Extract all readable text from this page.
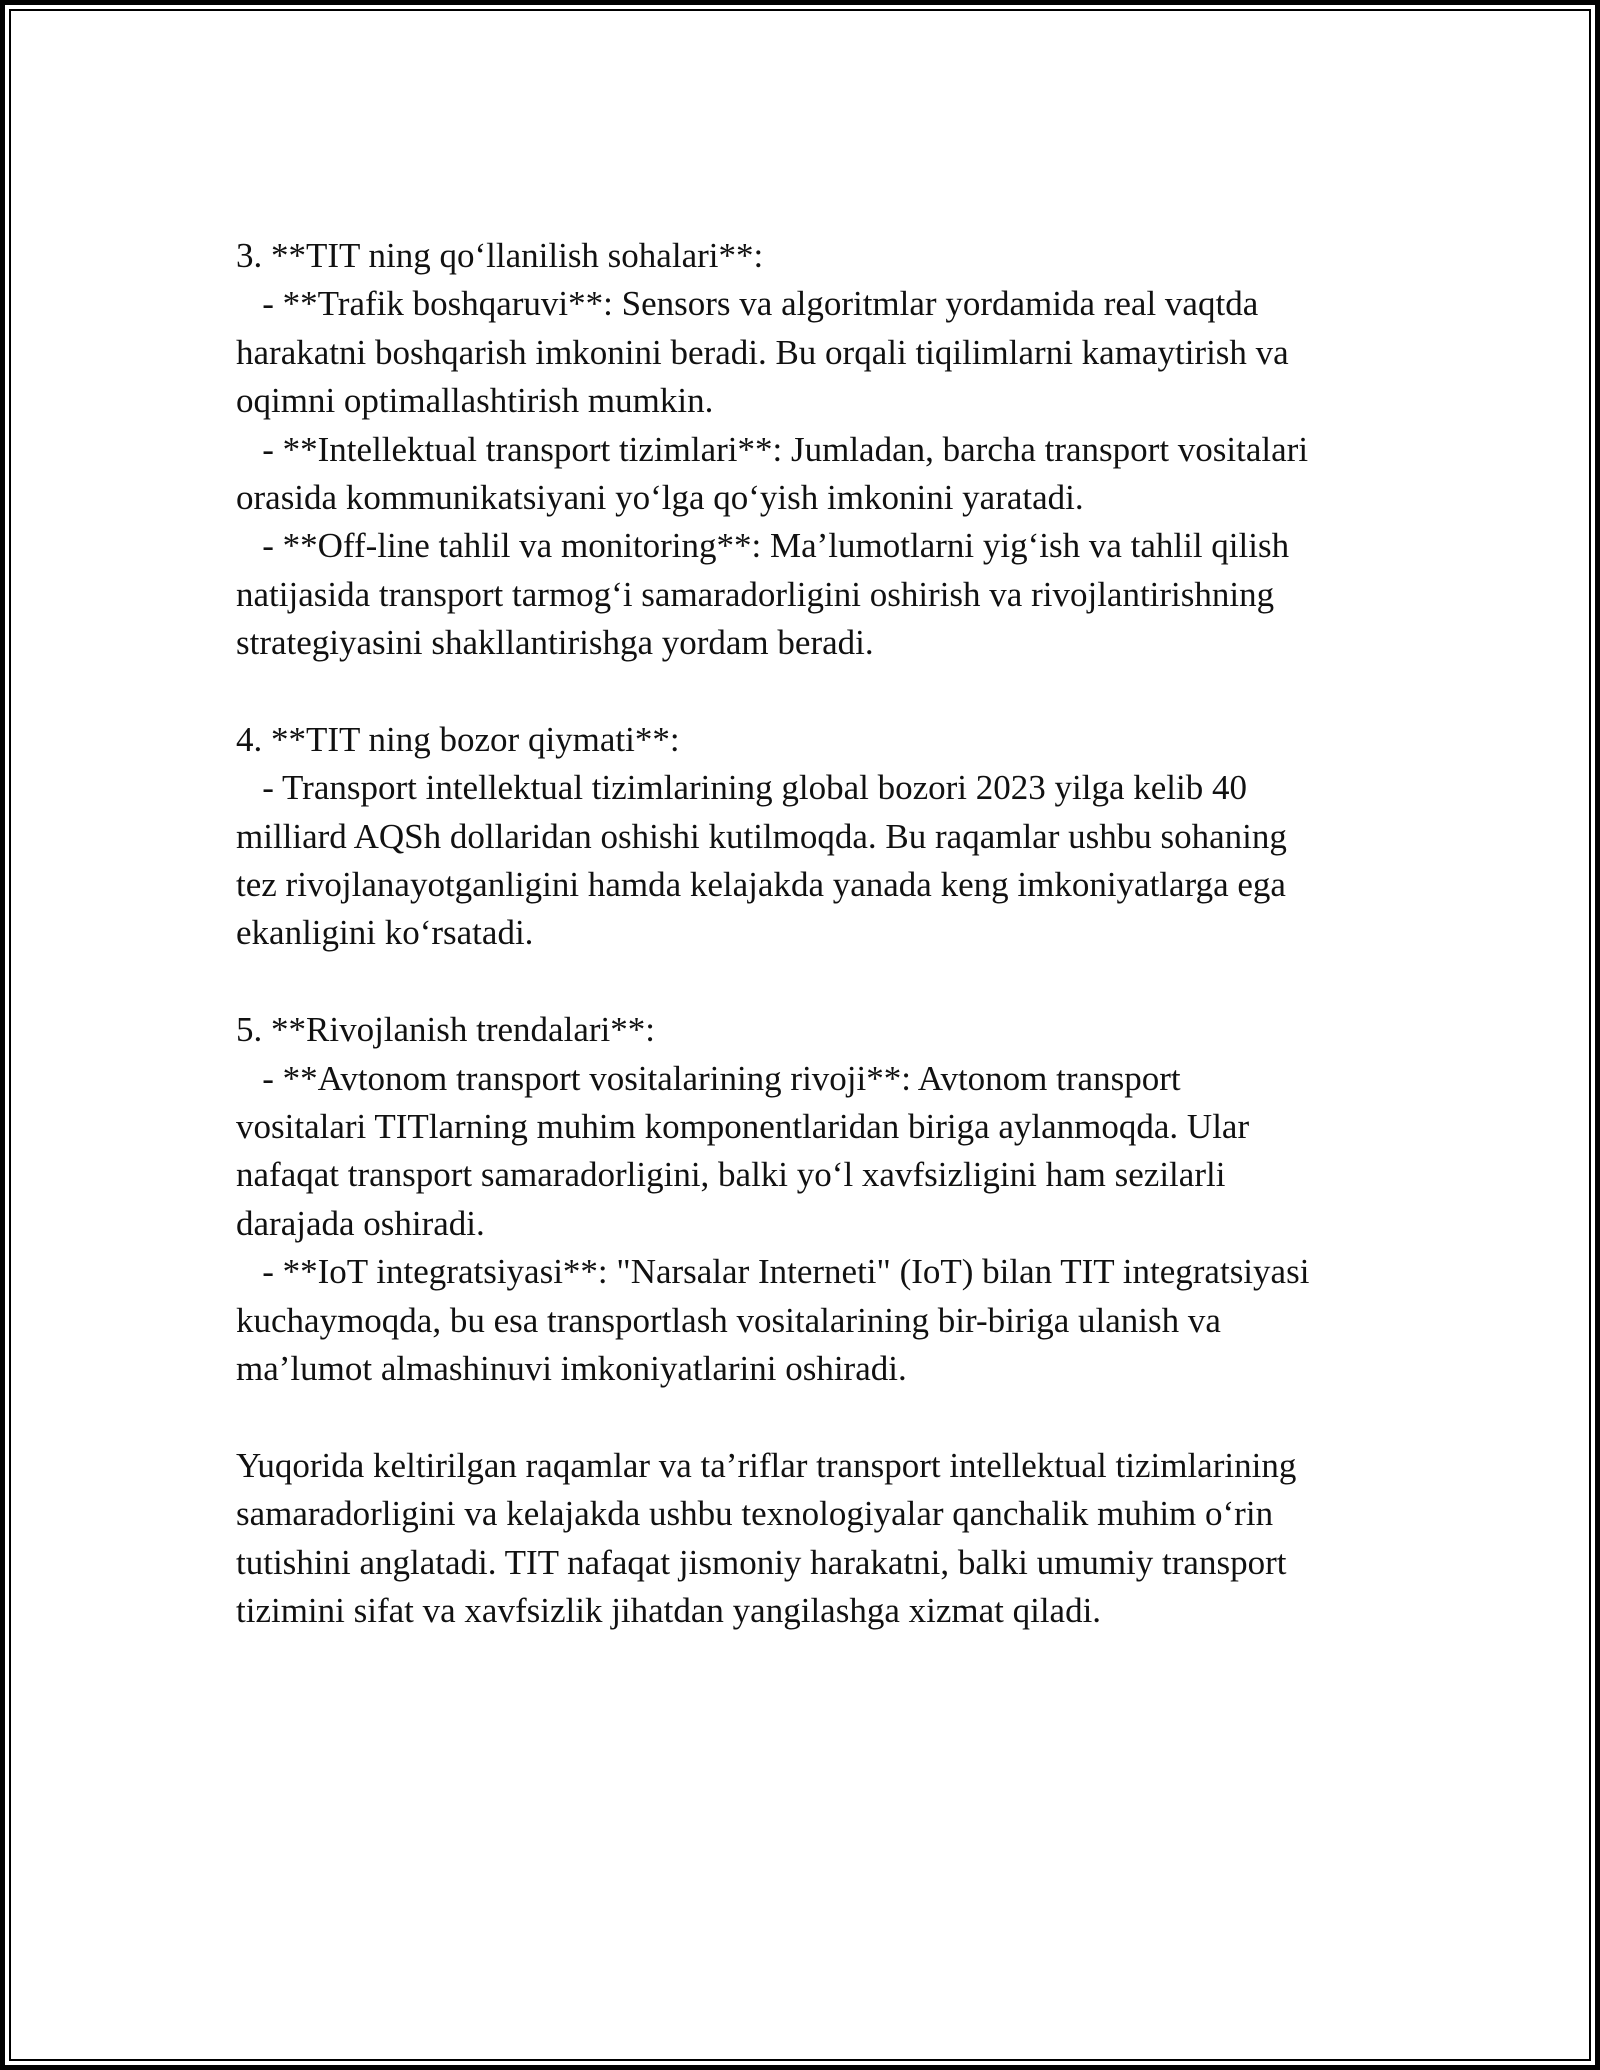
3. **TIT ning qo‘llanilish sohalari**:
- **Trafik boshqaruvi**: Sensors va algoritmlar yordamida real vaqtda
harakatni boshqarish imkonini beradi. Bu orqali tiqilimlarni kamaytirish va
oqimni optimallashtirish mumkin.
- **Intellektual transport tizimlari**: Jumladan, barcha transport vositalari
orasida kommunikatsiyani yo‘lga qo‘yish imkonini yaratadi.
- **Off-line tahlil va monitoring**: Ma’lumotlarni yig‘ish va tahlil qilish
natijasida transport tarmog‘i samaradorligini oshirish va rivojlantirishning
strategiyasini shakllantirishga yordam beradi.
4. **TIT ning bozor qiymati**:
- Transport intellektual tizimlarining global bozori 2023 yilga kelib 40
milliard AQSh dollaridan oshishi kutilmoqda. Bu raqamlar ushbu sohaning
tez rivojlanayotganligini hamda kelajakda yanada keng imkoniyatlarga ega
ekanligini ko‘rsatadi.
5. **Rivojlanish trendalari**:
- **Avtonom transport vositalarining rivoji**: Avtonom transport
vositalari TITlarning muhim komponentlaridan biriga aylanmoqda. Ular
nafaqat transport samaradorligini, balki yo‘l xavfsizligini ham sezilarli
darajada oshiradi.
- **IoT integratsiyasi**: "Narsalar Interneti" (IoT) bilan TIT integratsiyasi
kuchaymoqda, bu esa transportlash vositalarining bir-biriga ulanish va
ma’lumot almashinuvi imkoniyatlarini oshiradi.
Yuqorida keltirilgan raqamlar va ta’riflar transport intellektual tizimlarining
samaradorligini va kelajakda ushbu texnologiyalar qanchalik muhim o‘rin
tutishini anglatadi. TIT nafaqat jismoniy harakatni, balki umumiy transport
tizimini sifat va xavfsizlik jihatdan yangilashga xizmat qiladi.
